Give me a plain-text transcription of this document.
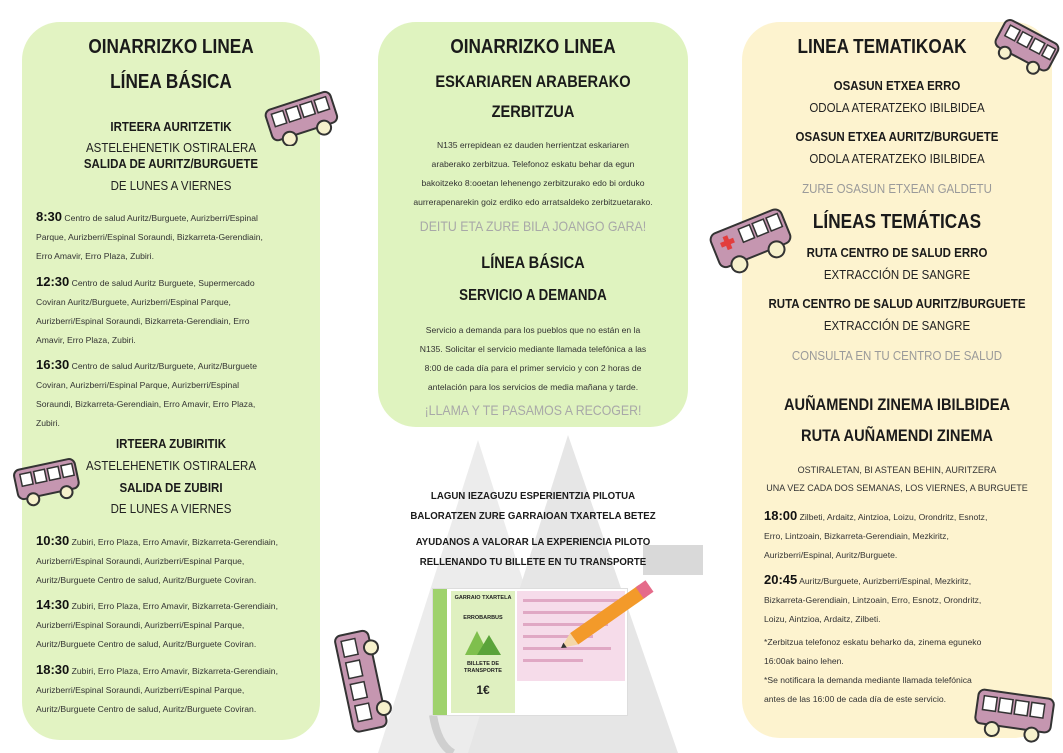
OINARRIZKO LINEA
LÍNEA BÁSICA
IRTEERA AURITZETIK
ASTELEHENETIK OSTIRALERA
SALIDA DE AURITZ/BURGUETE
DE LUNES A VIERNES
8:30 Centro de salud Auritz/Burguete, Aurizberri/Espinal
Parque, Aurizberri/Espinal Soraundi, Bizkarreta-Gerendiain,
Erro Amavir, Erro Plaza, Zubiri.
12:30 Centro de salud Auritz Burguete, Supermercado
Coviran Auritz/Burguete, Aurizberri/Espinal Parque,
Aurizberri/Espinal Soraundi, Bizkarreta-Gerendiain, Erro
Amavir, Erro Plaza, Zubiri.
16:30 Centro de salud Auritz/Burguete, Auritz/Burguete
Coviran, Aurizberri/Espinal Parque, Aurizberri/Espinal
Soraundi, Bizkarreta-Gerendiain, Erro Amavir, Erro Plaza,
Zubiri.
IRTEERA ZUBIRITIK
ASTELEHENETIK OSTIRALERA
SALIDA DE ZUBIRI
DE LUNES A VIERNES
10:30 Zubiri, Erro Plaza, Erro Amavir, Bizkarreta-Gerendiain,
Aurizberri/Espinal Soraundi, Aurizberri/Espinal Parque,
Auritz/Burguete Centro de salud, Auritz/Burguete Coviran.
14:30 Zubiri, Erro Plaza, Erro Amavir, Bizkarreta-Gerendiain,
Aurizberri/Espinal Soraundi, Aurizberri/Espinal Parque,
Auritz/Burguete Centro de salud, Auritz/Burguete Coviran.
18:30 Zubiri, Erro Plaza, Erro Amavir, Bizkarreta-Gerendiain,
Aurizberri/Espinal Soraundi, Aurizberri/Espinal Parque,
Auritz/Burguete Centro de salud, Auritz/Burguete Coviran.
OINARRIZKO LINEA
ESKARIAREN ARABERAKO
ZERBITZUA
N135 errepidean ez dauden herrientzat eskariaren
araberako zerbitzua. Telefonoz eskatu behar da egun
bakoitzeko 8:ooetan lehenengo zerbitzurako edo bi orduko
aurrerapenarekin goiz erdiko edo arratsaldeko zerbitzuetarako.
DEITU ETA ZURE BILA JOANGO GARA!
LÍNEA BÁSICA
SERVICIO A DEMANDA
Servicio a demanda para los pueblos que no están en la
N135. Solicitar el servicio mediante llamada telefónica a las
8:00 de cada día para el primer servicio y con 2 horas de
antelación para los servicios de media mañana y tarde.
¡LLAMA Y TE PASAMOS A RECOGER!
LAGUN IEZAGUZU ESPERIENTZIA PILOTUA
BALORATZEN ZURE GARRAIOAN TXARTELA BETEZ
AYUDANOS A VALORAR LA EXPERIENCIA PILOTO
RELLENANDO TU BILLETE EN TU TRANSPORTE
GARRAIO TXARTELA
ERROBARBUS
BILLETE DE TRANSPORTE
1€
LINEA TEMATIKOAK
OSASUN ETXEA ERRO
ODOLA ATERATZEKO IBILBIDEA
OSASUN ETXEA AURITZ/BURGUETE
ODOLA ATERATZEKO IBILBIDEA
ZURE OSASUN ETXEAN GALDETU
LÍNEAS TEMÁTICAS
RUTA CENTRO DE SALUD ERRO
EXTRACCIÓN DE SANGRE
RUTA CENTRO DE SALUD AURITZ/BURGUETE
EXTRACCIÓN DE SANGRE
CONSULTA EN TU CENTRO DE SALUD
AUÑAMENDI ZINEMA IBILBIDEA
RUTA AUÑAMENDI ZINEMA
OSTIRALETAN, BI ASTEAN BEHIN, AURITZERA
UNA VEZ CADA DOS SEMANAS, LOS VIERNES, A BURGUETE
18:00 Zilbeti, Ardaitz, Aintzioa, Loizu, Orondritz, Esnotz,
Erro, Lintzoain, Bizkarreta-Gerendiain, Mezkiritz,
Aurizberri/Espinal, Auritz/Burguete.
20:45 Auritz/Burguete, Aurizberri/Espinal, Mezkiritz,
Bizkarreta-Gerendiain, Lintzoain, Erro, Esnotz, Orondritz,
Loizu, Aintzioa, Ardaitz, Zilbeti.
*Zerbitzua telefonoz eskatu beharko da, zinema eguneko
16:00ak baino lehen.
*Se notificara la demanda mediante llamada telefónica
antes de las 16:00 de cada día de este servicio.
